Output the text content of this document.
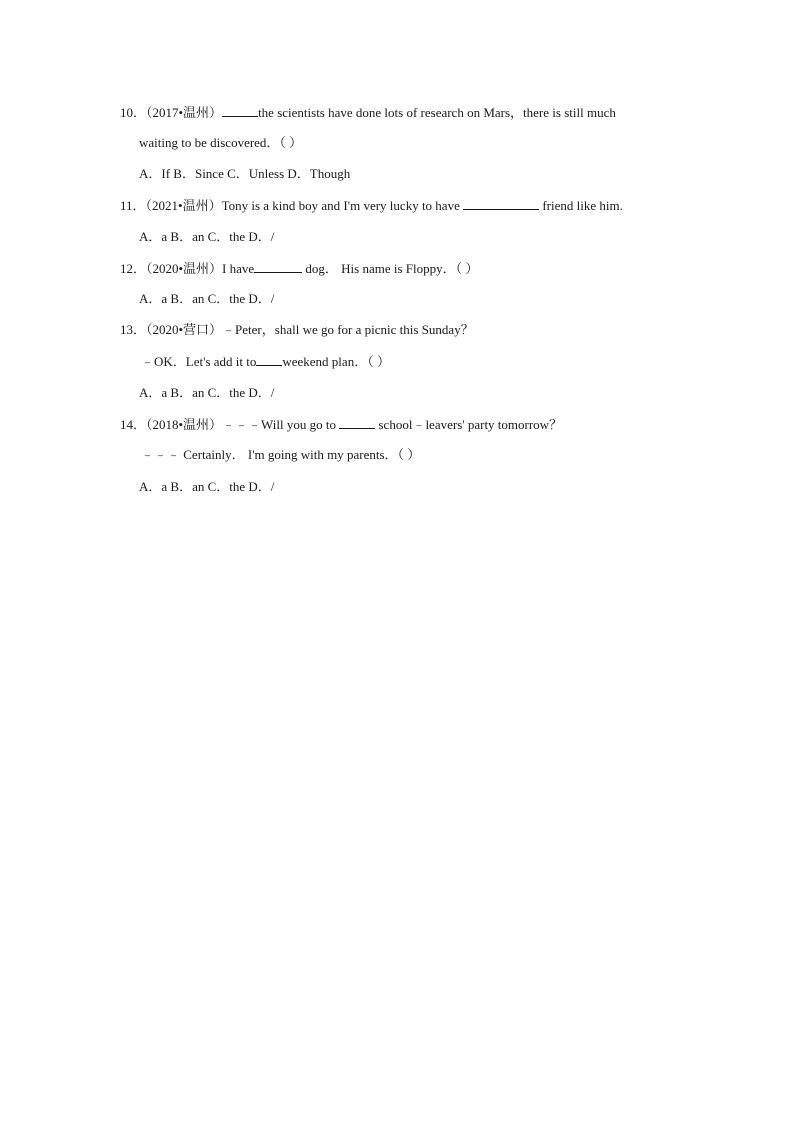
10．（2017•温州）	the scientists have done lots of research on Mars，there is still much
waiting to be discovered．（ ）
A．If B．Since C．Unless D．Though
11．（2021•温州）Tony is a kind boy and I'm very lucky to have	friend like him.
A．a B．an C．the D．/
12．（2020•温州）I have	dog． His name is Floppy．（ ）
A．a B．an C．the D．/
13．（2020•营口）﹣Peter，shall we go for a picnic this Sunday？
﹣OK．Let's add it to weekend plan．（ ）
A．a B．an C．the D．/
14．（2018•温州）﹣﹣﹣Will you go to	school﹣leavers' party tomorrow？
﹣﹣﹣ Certainly． I'm going with my parents．（ ）
A．a B．an C．the D．/
